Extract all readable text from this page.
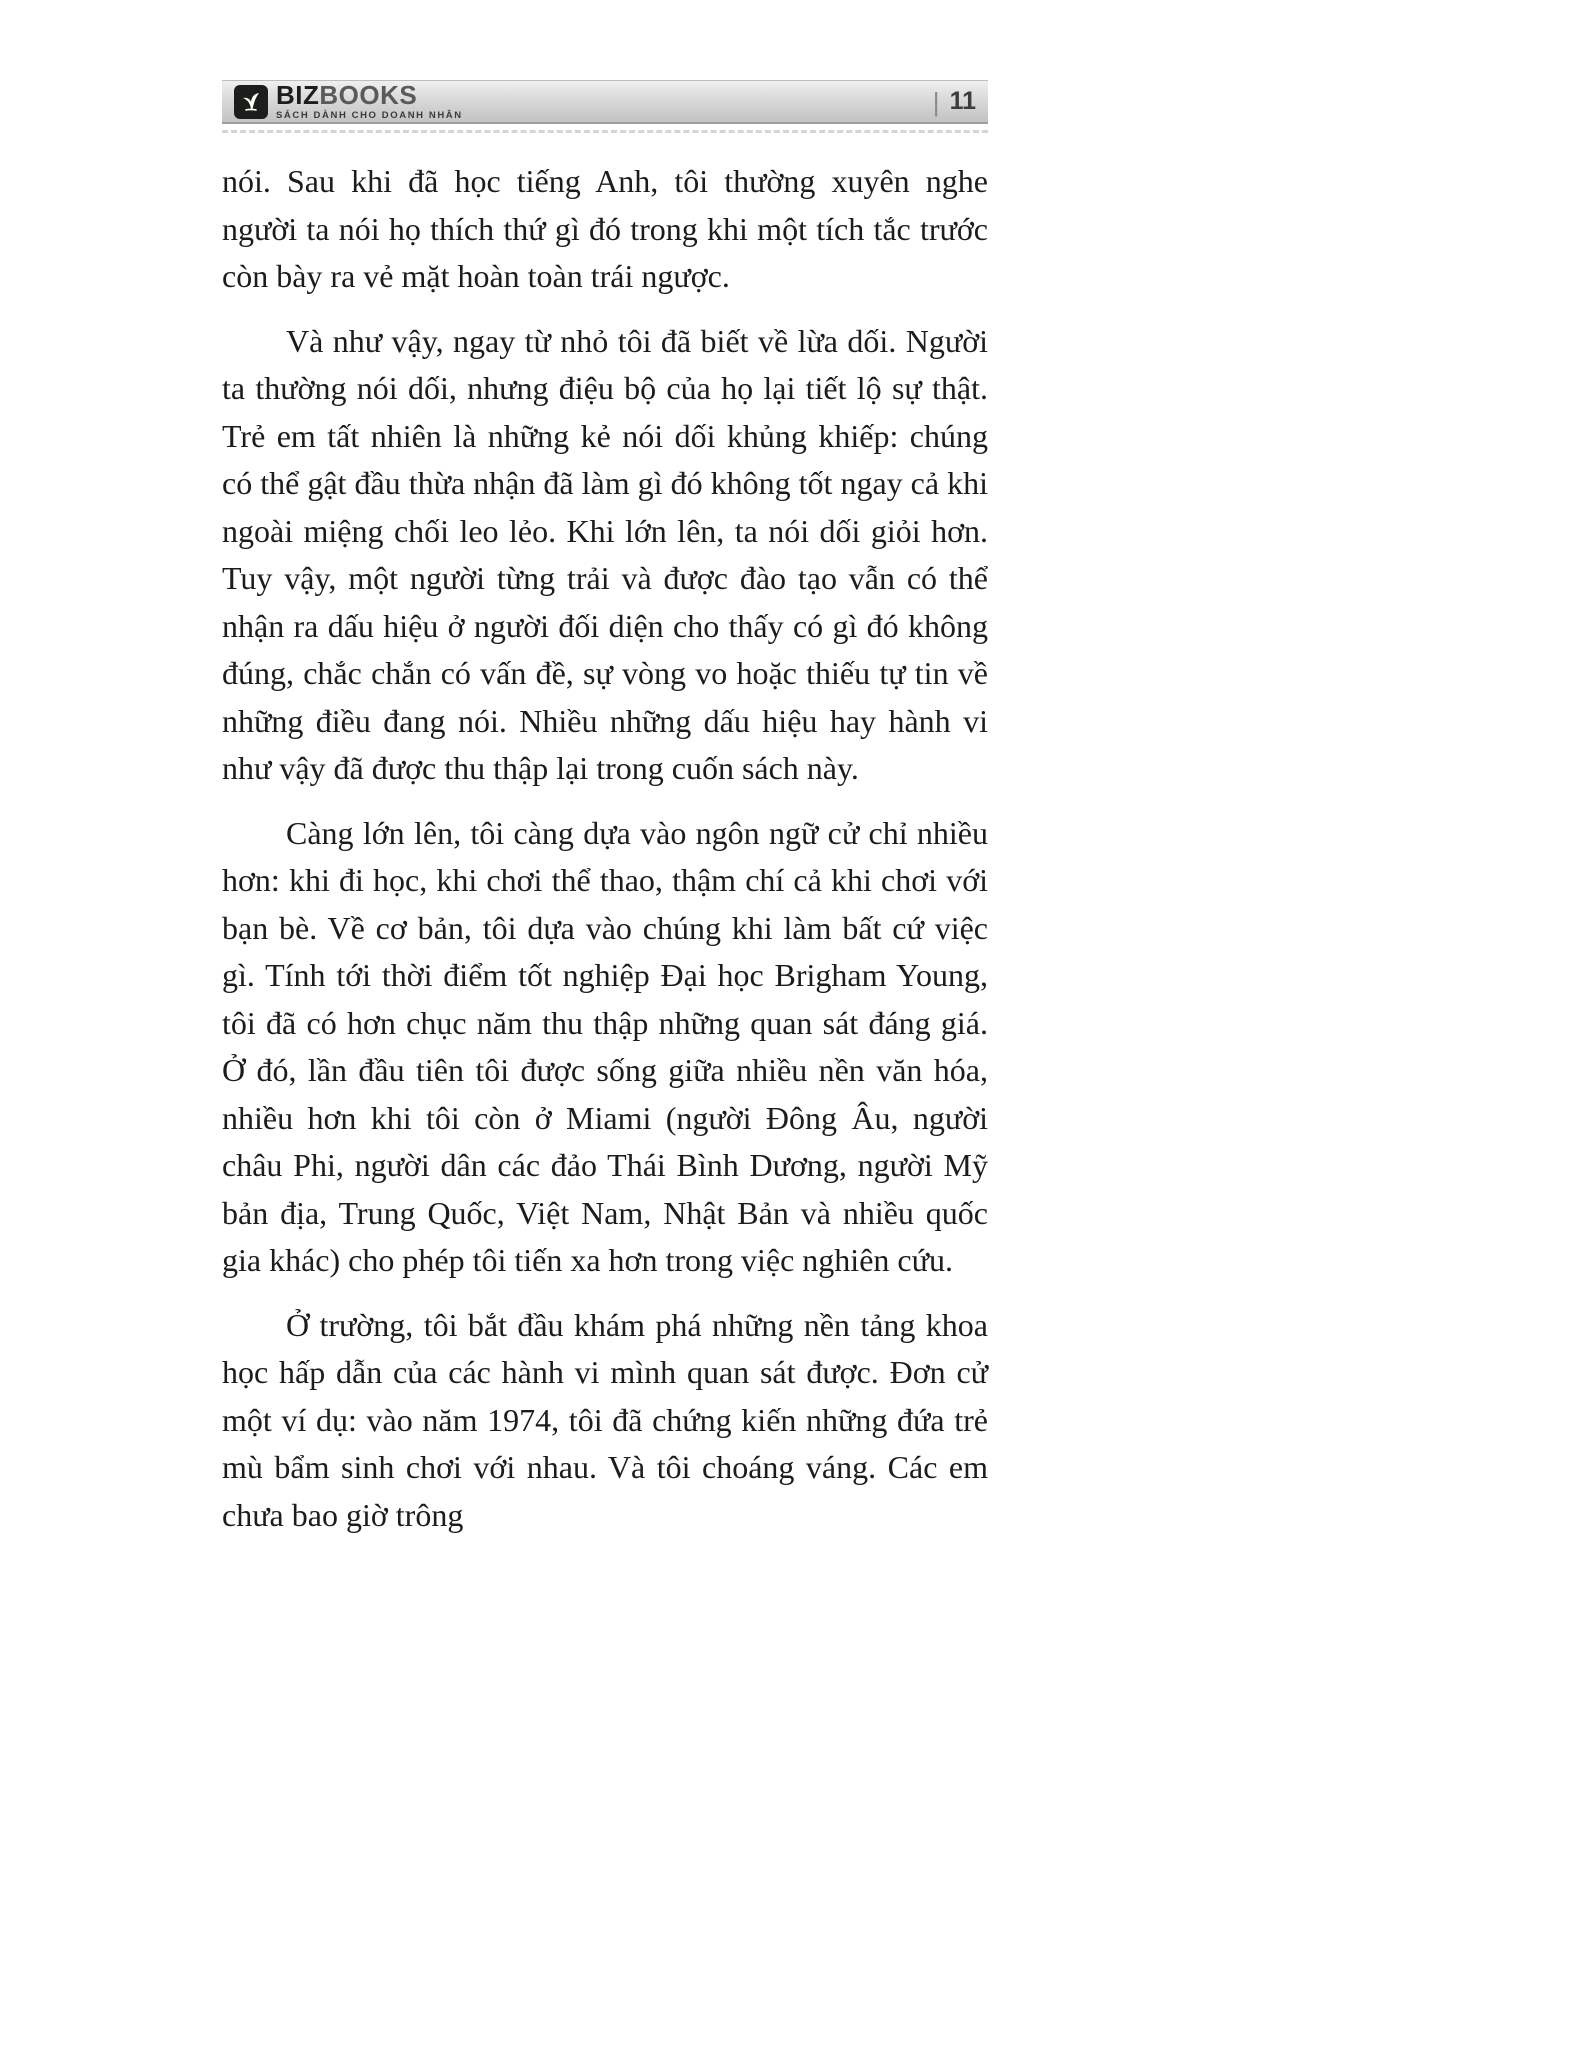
BIZBOOKS
SÁCH DÀNH CHO DOANH NHÂN	| 11

nói. Sau khi đã học tiếng Anh, tôi thường xuyên nghe người ta nói họ thích thứ gì đó trong khi một tích tắc trước còn bày ra vẻ mặt hoàn toàn trái ngược.

Và như vậy, ngay từ nhỏ tôi đã biết về lừa dối. Người ta thường nói dối, nhưng điệu bộ của họ lại tiết lộ sự thật. Trẻ em tất nhiên là những kẻ nói dối khủng khiếp: chúng có thể gật đầu thừa nhận đã làm gì đó không tốt ngay cả khi ngoài miệng chối leo lẻo. Khi lớn lên, ta nói dối giỏi hơn. Tuy vậy, một người từng trải và được đào tạo vẫn có thể nhận ra dấu hiệu ở người đối diện cho thấy có gì đó không đúng, chắc chắn có vấn đề, sự vòng vo hoặc thiếu tự tin về những điều đang nói. Nhiều những dấu hiệu hay hành vi như vậy đã được thu thập lại trong cuốn sách này.

Càng lớn lên, tôi càng dựa vào ngôn ngữ cử chỉ nhiều hơn: khi đi học, khi chơi thể thao, thậm chí cả khi chơi với bạn bè. Về cơ bản, tôi dựa vào chúng khi làm bất cứ việc gì. Tính tới thời điểm tốt nghiệp Đại học Brigham Young, tôi đã có hơn chục năm thu thập những quan sát đáng giá. Ở đó, lần đầu tiên tôi được sống giữa nhiều nền văn hóa, nhiều hơn khi tôi còn ở Miami (người Đông Âu, người châu Phi, người dân các đảo Thái Bình Dương, người Mỹ bản địa, Trung Quốc, Việt Nam, Nhật Bản và nhiều quốc gia khác) cho phép tôi tiến xa hơn trong việc nghiên cứu.

Ở trường, tôi bắt đầu khám phá những nền tảng khoa học hấp dẫn của các hành vi mình quan sát được. Đơn cử một ví dụ: vào năm 1974, tôi đã chứng kiến những đứa trẻ mù bẩm sinh chơi với nhau. Và tôi choáng váng. Các em chưa bao giờ trông
